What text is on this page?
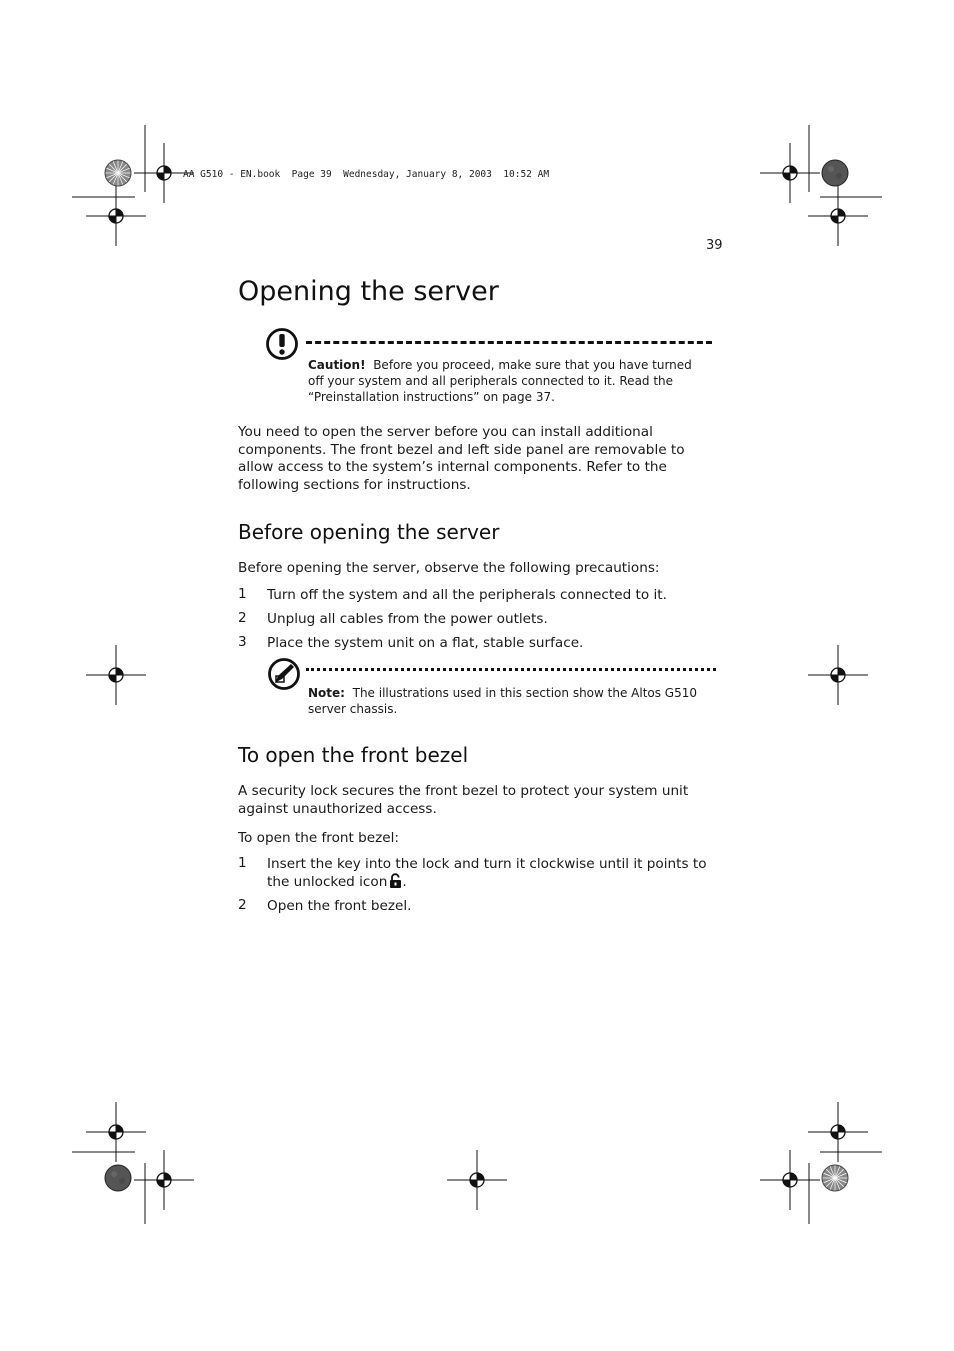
AA G510 - EN.book  Page 39  Wednesday, January 8, 2003  10:52 AM
39
Opening the server
Caution! Before you proceed, make sure that you have turned
off your system and all peripherals connected to it. Read the
“Preinstallation instructions” on page 37.
You need to open the server before you can install additional
components. The front bezel and left side panel are removable to
allow access to the system’s internal components. Refer to the
following sections for instructions.
Before opening the server
Before opening the server, observe the following precautions:
1 Turn off the system and all the peripherals connected to it.
2 Unplug all cables from the power outlets.
3 Place the system unit on a flat, stable surface.
Note: The illustrations used in this section show the Altos G510
server chassis.
To open the front bezel
A security lock secures the front bezel to protect your system unit
against unauthorized access.
To open the front bezel:
1 Insert the key into the lock and turn it clockwise until it points to
the unlocked icon .
2 Open the front bezel.
